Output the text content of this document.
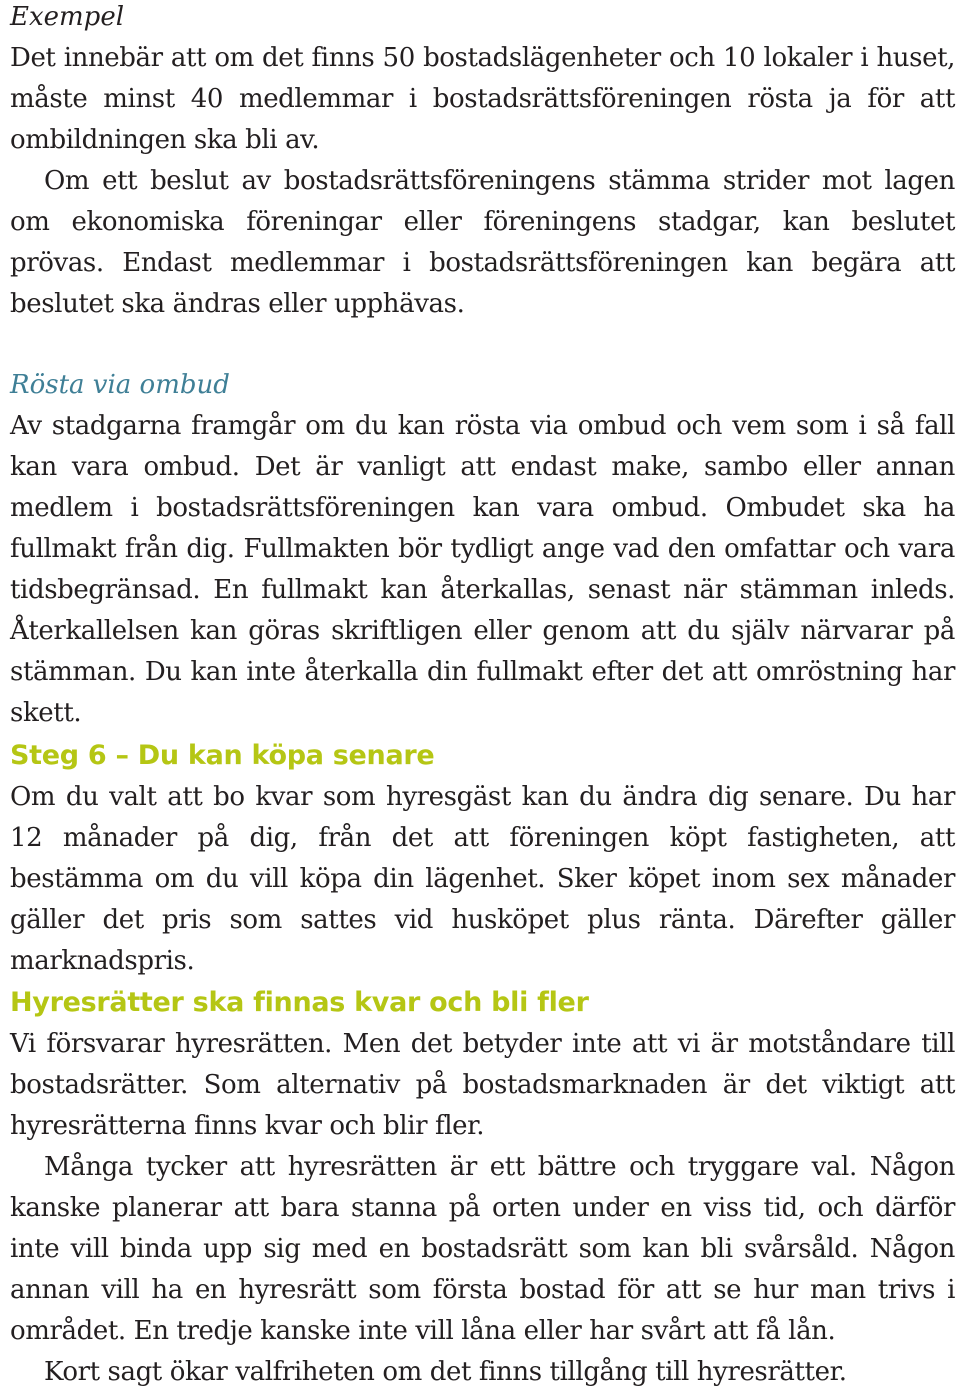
Exempel

Det innebär att om det finns 50 bostadslägenheter och 10 lokaler i huset, måste minst 40 medlemmar i bostadsrättsföreningen rösta ja för att ombildningen ska bli av.

Om ett beslut av bostadsrättsföreningens stämma strider mot lagen om ekonomiska föreningar eller föreningens stadgar, kan beslutet prövas. Endast medlemmar i bostadsrättsföreningen kan begära att beslutet ska ändras eller upphävas.

Rösta via ombud

Av stadgarna framgår om du kan rösta via ombud och vem som i så fall kan vara ombud. Det är vanligt att endast make, sambo eller annan medlem i bostadsrättsföreningen kan vara ombud. Ombudet ska ha fullmakt från dig. Fullmakten bör tydligt ange vad den omfattar och vara tidsbegränsad. En fullmakt kan återkallas, senast när stämman inleds. Återkallelsen kan göras skriftligen eller genom att du själv närvarar på stämman. Du kan inte återkalla din fullmakt efter det att omröstning har skett.

Steg 6 – Du kan köpa senare

Om du valt att bo kvar som hyresgäst kan du ändra dig senare. Du har 12 månader på dig, från det att föreningen köpt fastigheten, att bestämma om du vill köpa din lägenhet. Sker köpet inom sex månader gäller det pris som sattes vid husköpet plus ränta. Därefter gäller marknadspris.

Hyresrätter ska finnas kvar och bli fler

Vi försvarar hyresrätten. Men det betyder inte att vi är motståndare till bostadsrätter. Som alternativ på bostadsmarknaden är det viktigt att hyresrätterna finns kvar och blir fler.

Många tycker att hyresrätten är ett bättre och tryggare val. Någon kanske planerar att bara stanna på orten under en viss tid, och därför inte vill binda upp sig med en bostadsrätt som kan bli svårsåld. Någon annan vill ha en hyresrätt som första bostad för att se hur man trivs i området. En tredje kanske inte vill låna eller har svårt att få lån.

Kort sagt ökar valfriheten om det finns tillgång till hyresrätter.
